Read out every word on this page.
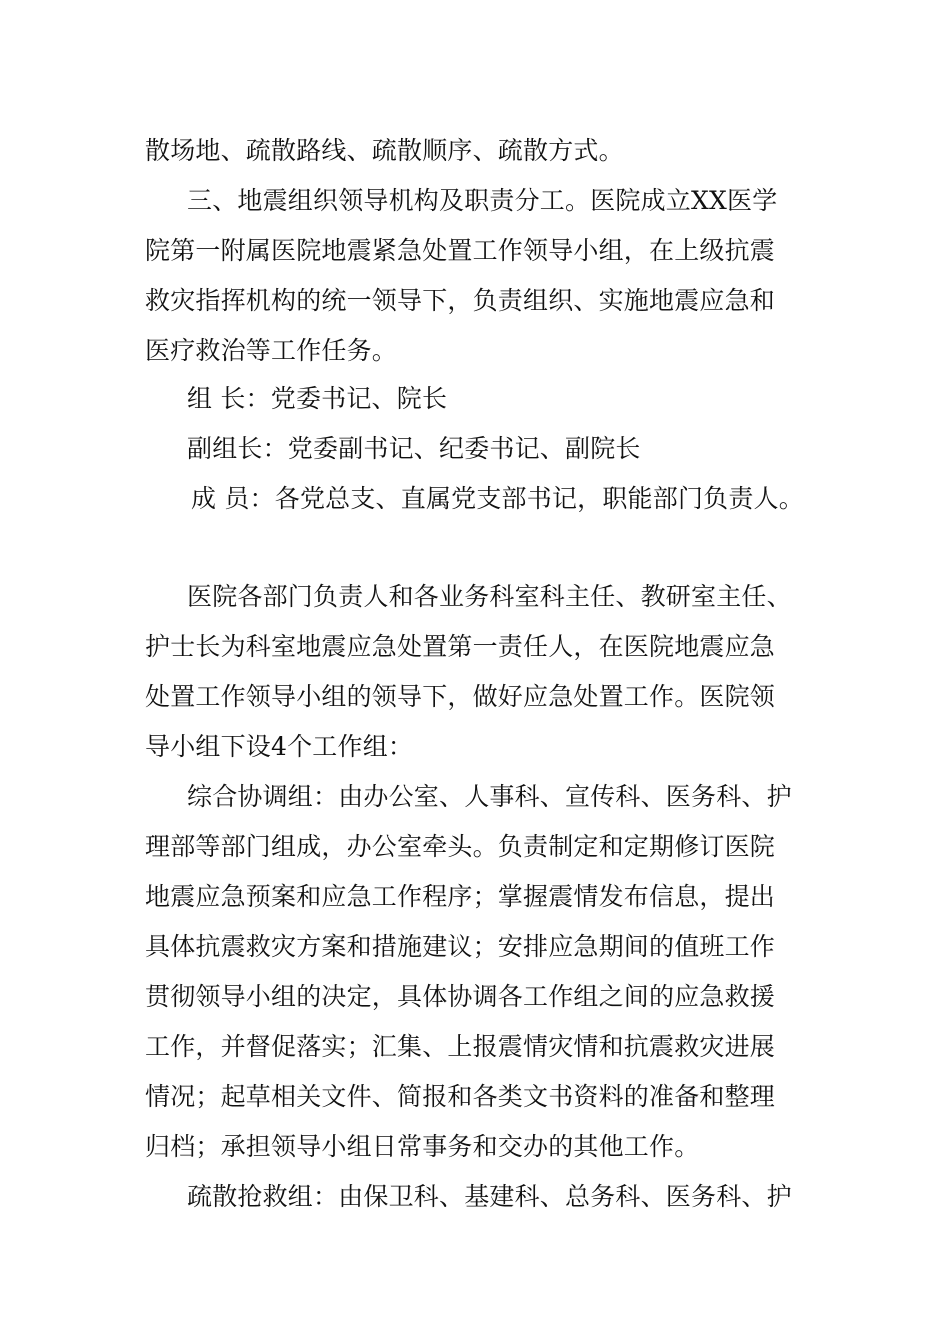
散场地、疏散路线、疏散顺序、疏散方式。
三、地震组织领导机构及职责分工。医院成立XX医学
院第一附属医院地震紧急处置工作领导小组，在上级抗震
救灾指挥机构的统一领导下，负责组织、实施地震应急和
医疗救治等工作任务。
组 长：党委书记、院长
副组长：党委副书记、纪委书记、副院长
成 员：各党总支、直属党支部书记，职能部门负责人。
医院各部门负责人和各业务科室科主任、教研室主任、
护士长为科室地震应急处置第一责任人，在医院地震应急
处置工作领导小组的领导下，做好应急处置工作。医院领
导小组下设4个工作组：
综合协调组：由办公室、人事科、宣传科、医务科、护
理部等部门组成，办公室牵头。负责制定和定期修订医院
地震应急预案和应急工作程序；掌握震情发布信息，提出
具体抗震救灾方案和措施建议；安排应急期间的值班工作
贯彻领导小组的决定，具体协调各工作组之间的应急救援
工作，并督促落实；汇集、上报震情灾情和抗震救灾进展
情况；起草相关文件、简报和各类文书资料的准备和整理
归档；承担领导小组日常事务和交办的其他工作。
疏散抢救组：由保卫科、基建科、总务科、医务科、护
